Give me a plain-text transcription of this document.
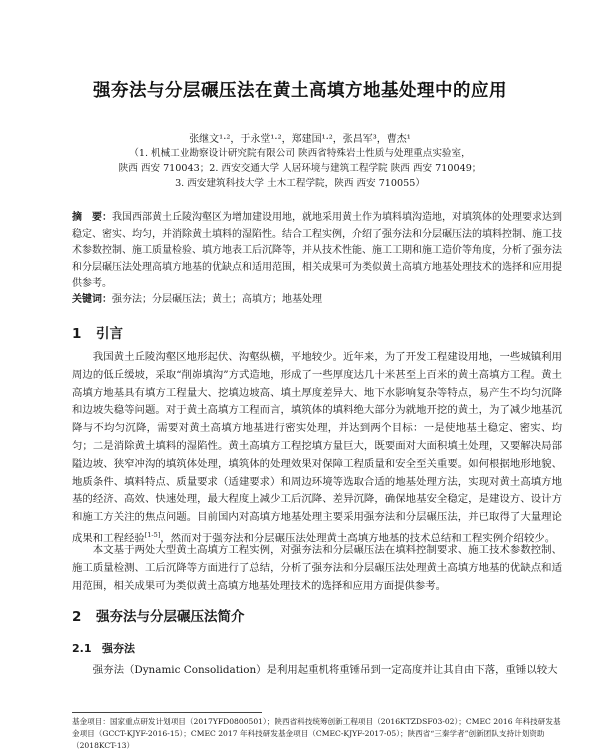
强夯法与分层碾压法在黄土高填方地基处理中的应用
张继文¹·²，于永堂¹·²，郑建国¹·²，张昌军³，曹杰¹
（1. 机械工业勘察设计研究院有限公司 陕西省特殊岩土性质与处理重点实验室，
陕西 西安 710043；2. 西安交通大学 人居环境与建筑工程学院 陕西 西安 710049；
3. 西安建筑科技大学 土木工程学院，陕西 西安 710055）

摘　要：我国西部黄土丘陵沟壑区为增加建设用地，就地采用黄土作为填料填沟造地，对填筑体的处理要求达到稳定、密实、均匀，并消除黄土填料的湿陷性。结合工程实例，介绍了强夯法和分层碾压法的填料控制、施工技术参数控制、施工质量检验、填方地表工后沉降等，并从技术性能、施工工期和施工造价等角度，分析了强夯法和分层碾压法处理高填方地基的优缺点和适用范围，相关成果可为类似黄土高填方地基处理技术的选择和应用提供参考。

关键词：强夯法；分层碾压法；黄土；高填方；地基处理

1 引言

我国黄土丘陵沟壑区地形起伏、沟壑纵横，平地较少。近年来，为了开发工程建设用地，一些城镇利用周边的低丘缓坡，采取“削峁填沟”方式造地，形成了一些厚度达几十米甚至上百米的黄土高填方工程。黄土高填方地基具有填方工程量大、挖填边坡高、填土厚度差异大、地下水影响复杂等特点，易产生不均匀沉降和边坡失稳等问题。对于黄土高填方工程而言，填筑体的填料绝大部分为就地开挖的黄土，为了减少地基沉降与不均匀沉降，需要对黄土高填方地基进行密实处理，并达到两个目标：一是使地基土稳定、密实、均匀；二是消除黄土填料的湿陷性。黄土高填方工程挖填方量巨大，既要面对大面积填土处理，又要解决局部隘边坡、狭窄冲沟的填筑体处理，填筑体的处理效果对保障工程质量和安全至关重要。如何根据地形地貌、地质条件、填料特点、质量要求（适建要求）和周边环境等选取合适的地基处理方法，实现对黄土高填方地基的经济、高效、快速处理，最大程度上减少工后沉降、差异沉降，确保地基安全稳定，是建设方、设计方和施工方关注的焦点问题。目前国内对高填方地基处理主要采用强夯法和分层碾压法，并已取得了大量理论成果和工程经验[1-5]，然而对于强夯法和分层碾压法处理黄土高填方地基的技术总结和工程实例介绍较少。

本文基于两处大型黄土高填方工程实例，对强夯法和分层碾压法在填料控制要求、施工技术参数控制、施工质量检测、工后沉降等方面进行了总结，分析了强夯法和分层碾压法处理黄土高填方地基的优缺点和适用范围，相关成果可为类似黄土高填方地基处理技术的选择和应用方面提供参考。

2 强夯法与分层碾压法简介
2.1 强夯法

强夯法（Dynamic Consolidation）是利用起重机将重锤吊到一定高度并让其自由下落，重锤以较大

基金项目：国家重点研发计划项目（2017YFD0800501）；陕西省科技统筹创新工程项目（2016KTZDSF03-02）；CMEC 2016 年科技研发基金项目（GCCT-KJYF-2016-15）；CMEC 2017 年科技研发基金项目（CMEC-KJYF-2017-05）；陕西省“三秦学者”创新团队支持计划资助（2018KCT-13）
